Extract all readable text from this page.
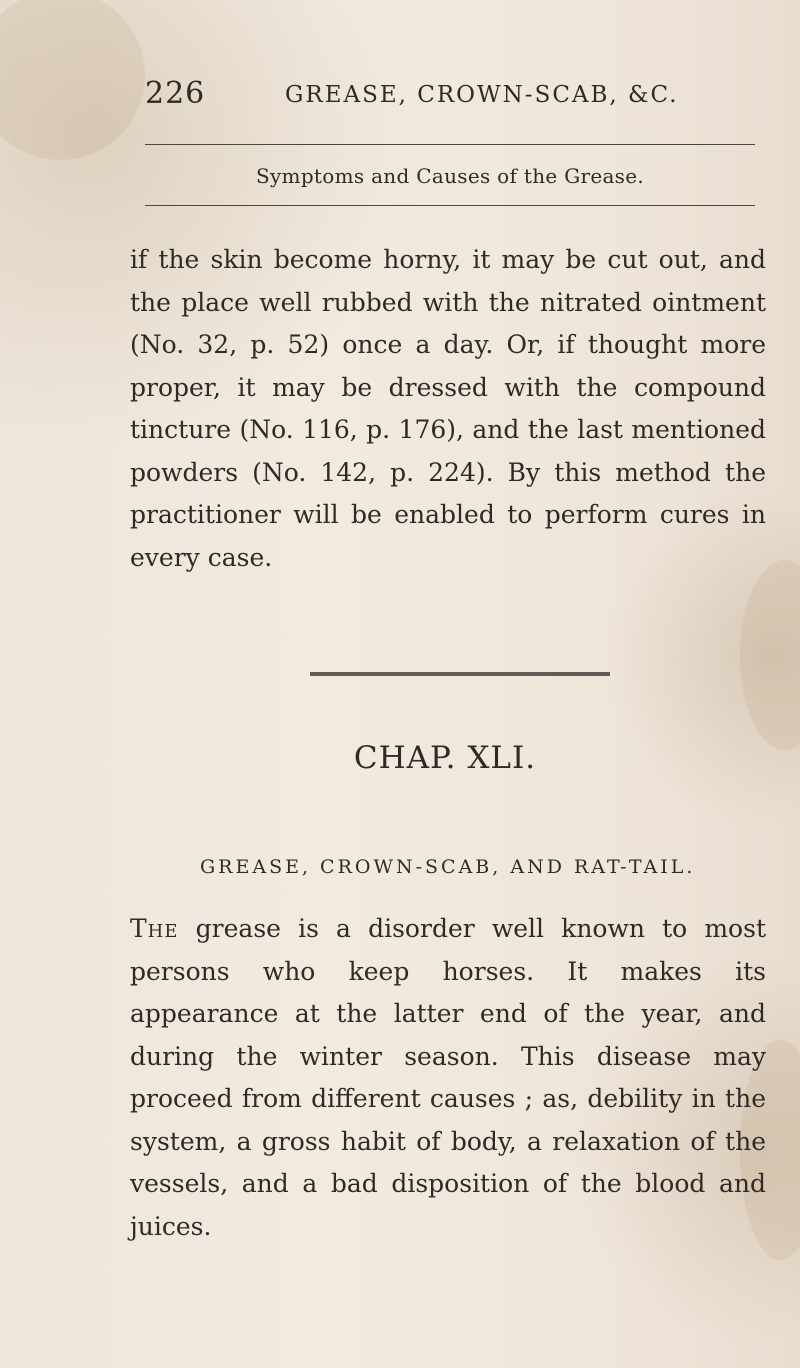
226	GREASE, CROWN-SCAB, &C.
Symptoms and Causes of the Grease.
if the skin become horny, it may be cut out, and the place well rubbed with the nitrated ointment (No. 32, p. 52) once a day. Or, if thought more proper, it may be dressed with the compound tincture (No. 116, p. 176), and the last mentioned powders (No. 142, p. 224). By this method the practitioner will be enabled to perform cures in every case.
CHAP. XLI.
GREASE, CROWN-SCAB, AND RAT-TAIL.
The grease is a disorder well known to most persons who keep horses. It makes its appearance at the latter end of the year, and during the winter season. This disease may proceed from different causes ; as, debility in the system, a gross habit of body, a relaxation of the vessels, and a bad disposition of the blood and juices.
